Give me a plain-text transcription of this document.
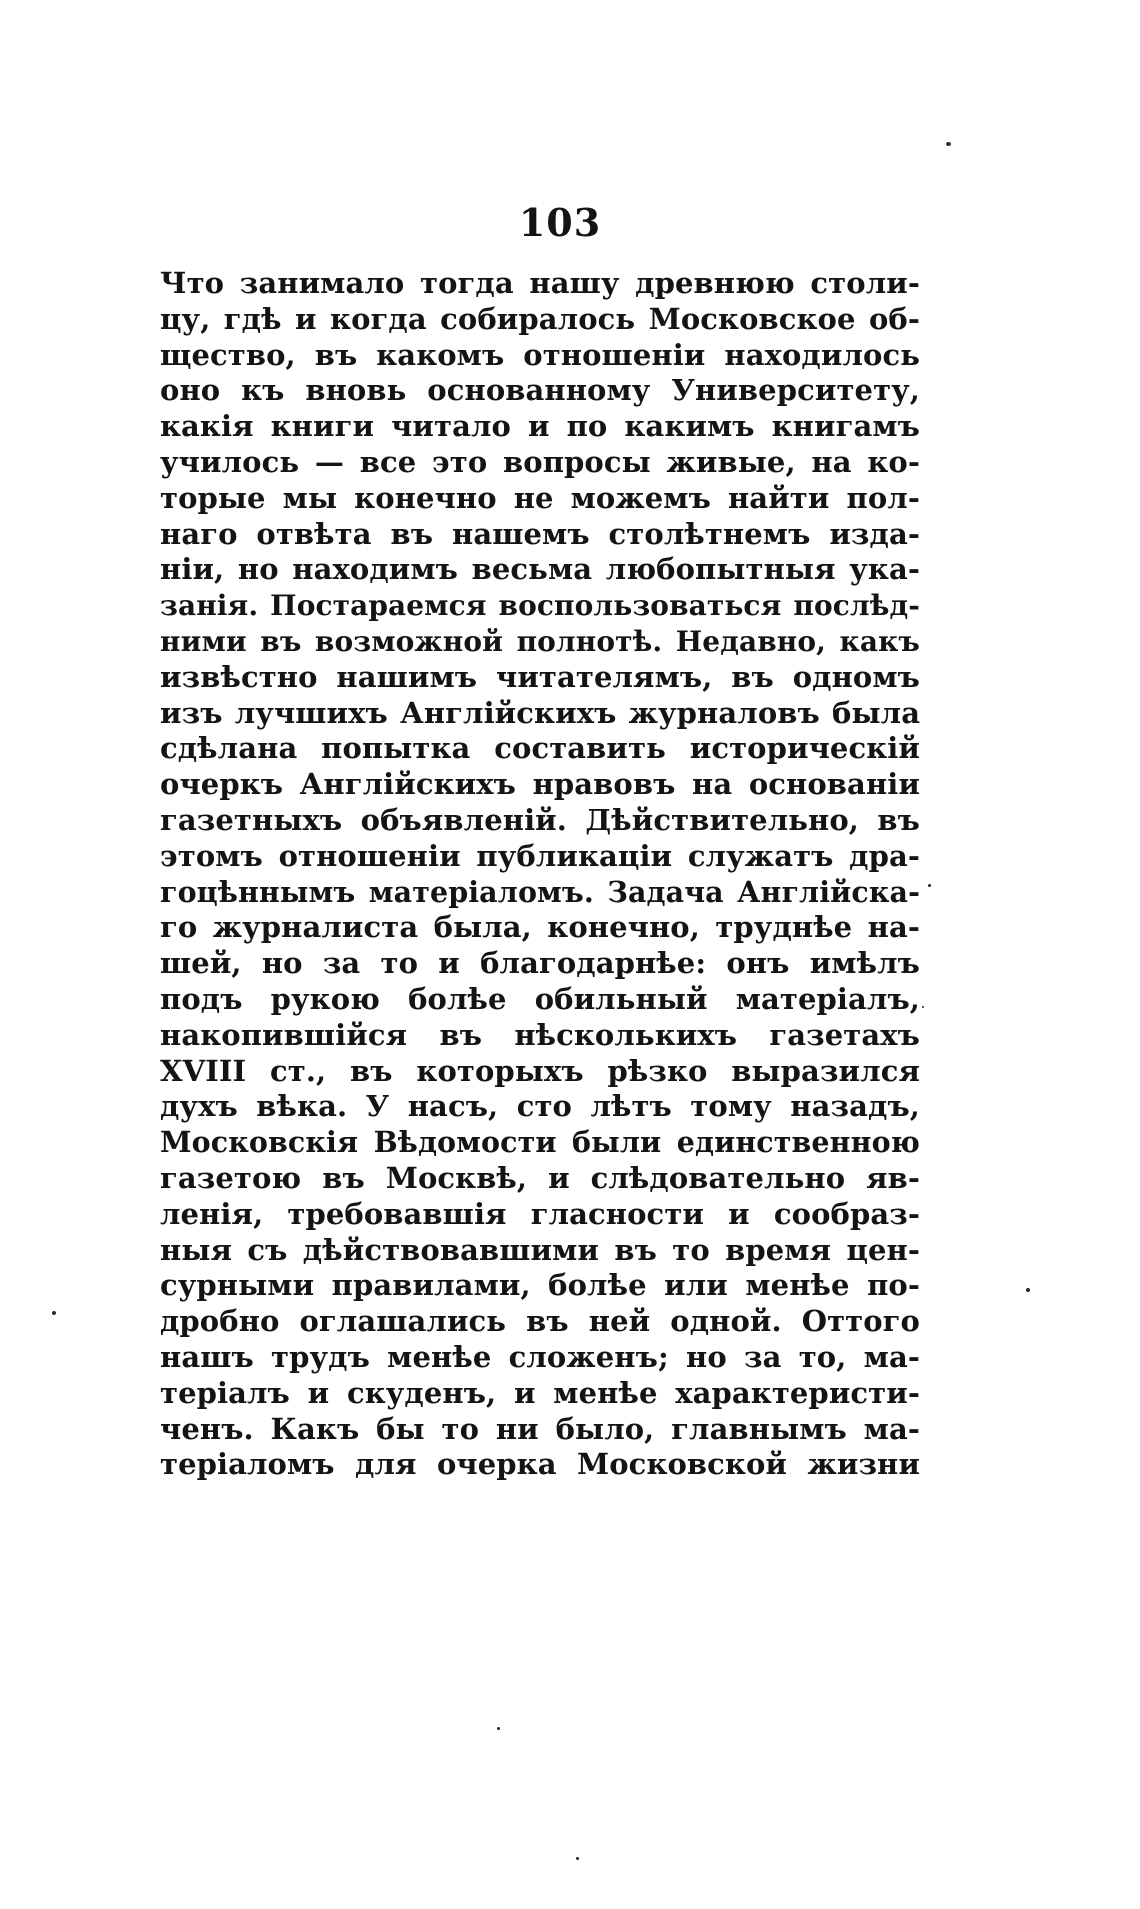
103
Что занимало тогда нашу древнюю столи-
цу, гдѣ и когда собиралось Московское об-
щество, въ какомъ отношенiи находилось
оно къ вновь основанному Университету,
какiя книги читало и по какимъ книгамъ
училось — все это вопросы живые, на ко-
торые мы конечно не можемъ найти пол-
наго отвѣта въ нашемъ столѣтнемъ изда-
нiи, но находимъ весьма любопытныя ука-
занiя. Постараемся воспользоваться послѣд-
ними въ возможной полнотѣ. Недавно, какъ
извѣстно нашимъ читателямъ, въ одномъ
изъ лучшихъ Англiйскихъ журналовъ была
сдѣлана попытка составить историческiй
очеркъ Англiйскихъ нравовъ на основанiи
газетныхъ объявленiй. Дѣйствительно, въ
этомъ отношенiи публикацiи служатъ дра-
гоцѣннымъ матерiаломъ. Задача Англiйска-
го журналиста была, конечно, труднѣе на-
шей, но за то и благодарнѣе: онъ имѣлъ
подъ рукою болѣе обильный матерiалъ,
накопившiйся въ нѣсколькихъ газетахъ
XVIII ст., въ которыхъ рѣзко выразился
духъ вѣка. У насъ, сто лѣтъ тому назадъ,
Московскiя Вѣдомости были единственною
газетою въ Москвѣ, и слѣдовательно яв-
ленiя, требовавшiя гласности и сообраз-
ныя съ дѣйствовавшими въ то время цен-
сурными правилами, болѣе или менѣе по-
дробно оглашались въ ней одной. Оттого
нашъ трудъ менѣе сложенъ; но за то, ма-
терiалъ и скуденъ, и менѣе характеристи-
ченъ. Какъ бы то ни было, главнымъ ма-
терiаломъ для очерка Московской жизни
